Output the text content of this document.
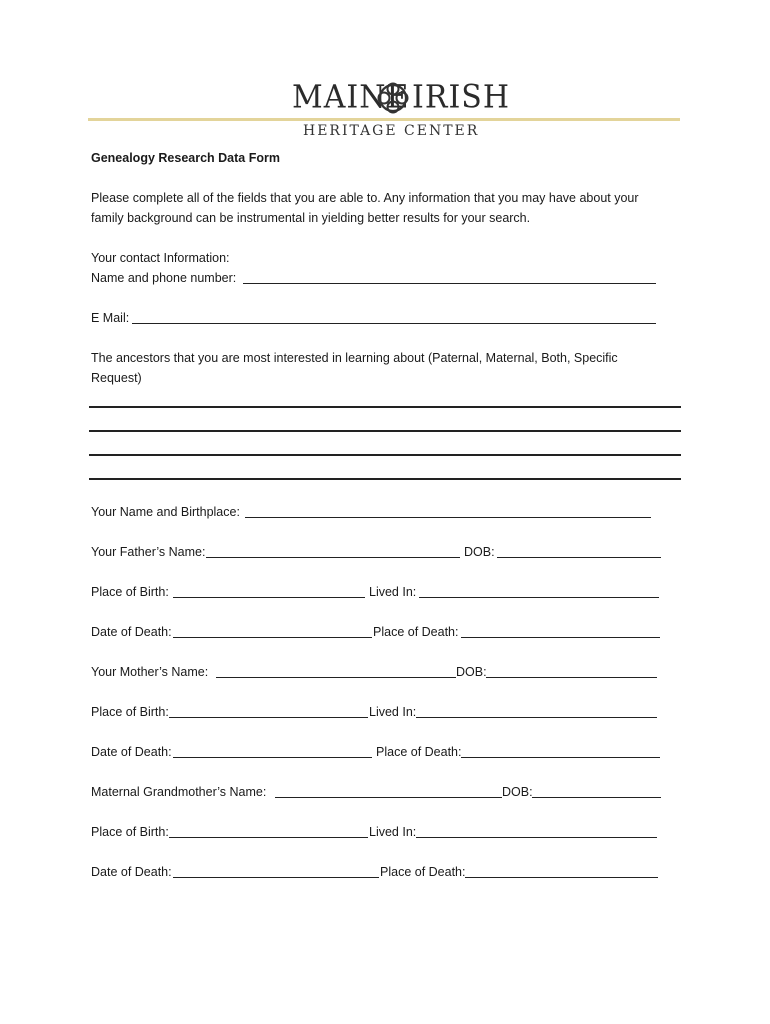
MAINE IRISH
HERITAGE CENTER
Genealogy Research Data Form
Please complete all of the fields that you are able to. Any information that you may have about your
family background can be instrumental in yielding better results for your search.
Your contact Information:
Name and phone number:
E Mail:
The ancestors that you are most interested in learning about (Paternal, Maternal, Both, Specific
Request)
Your Name and Birthplace:
Your Father’s Name:	DOB:
Place of Birth:	Lived In:
Date of Death:	Place of Death:
Your Mother’s Name:	DOB:
Place of Birth:	Lived In:
Date of Death:	Place of Death:
Maternal Grandmother’s Name:	DOB:
Place of Birth:	Lived In:
Date of Death:	Place of Death:
